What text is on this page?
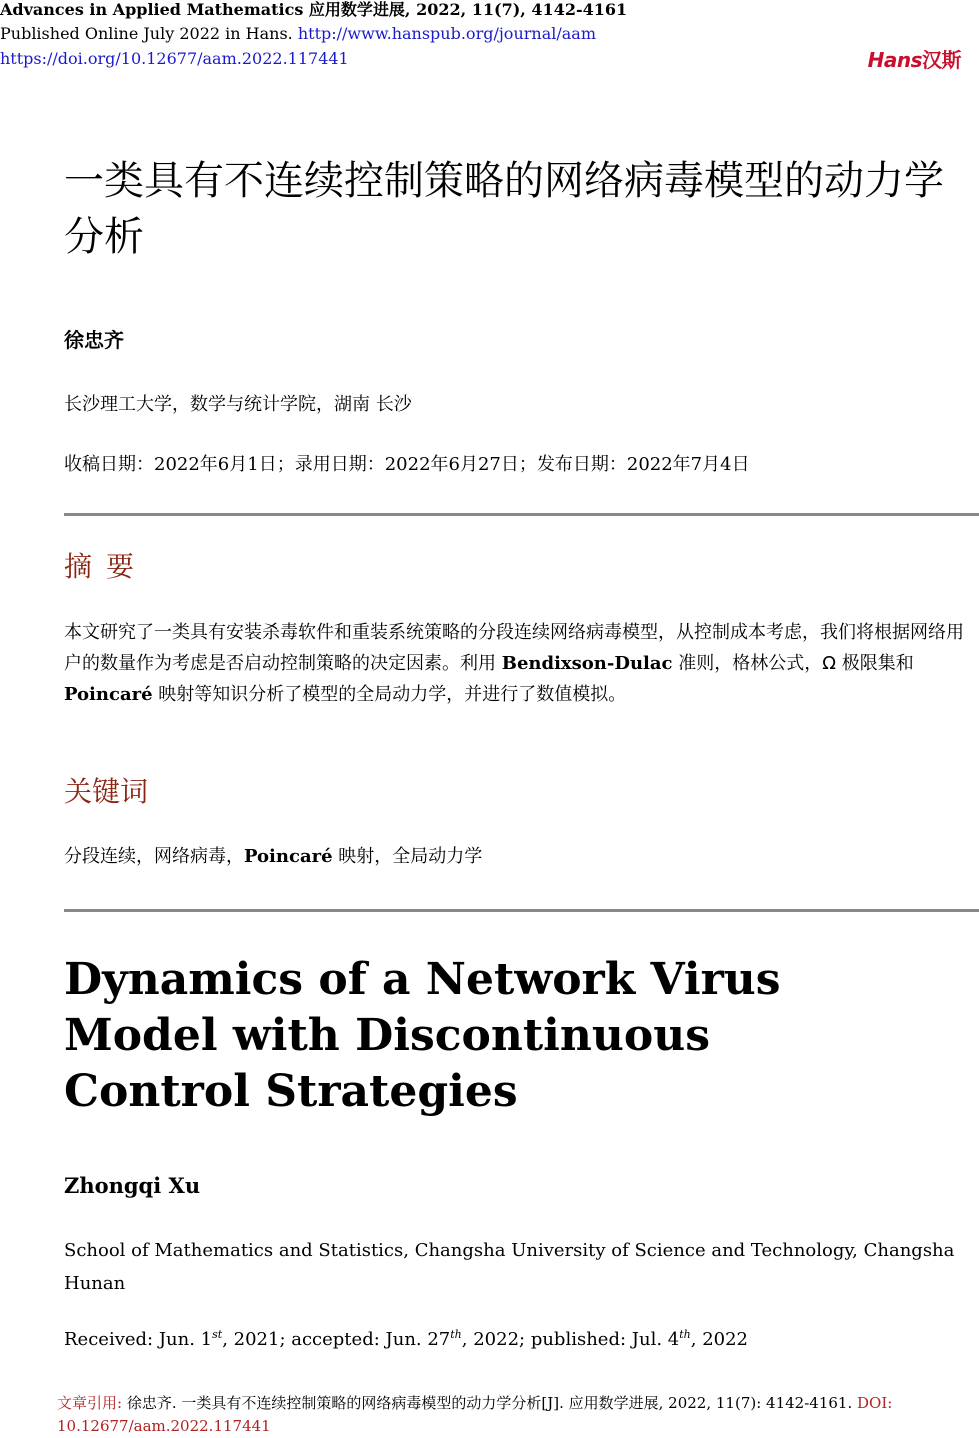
Advances in Applied Mathematics 应用数学进展, 2022, 11(7), 4142-4161
Published Online July 2022 in Hans. http://www.hanspub.org/journal/aam
https://doi.org/10.12677/aam.2022.117441	Hans汉斯
一类具有不连续控制策略的网络病毒模型的动力学分析
徐忠齐
长沙理工大学，数学与统计学院，湖南 长沙
收稿日期：2022年6月1日；录用日期：2022年6月27日；发布日期：2022年7月4日
摘要

本文研究了一类具有安装杀毒软件和重装系统策略的分段连续网络病毒模型，从控制成本考虑，我们将根据网络用户的数量作为考虑是否启动控制策略的决定因素。利用 Bendixson-Dulac 准则，格林公式，Ω 极限集和 Poincaré 映射等知识分析了模型的全局动力学，并进行了数值模拟。

关键词
分段连续，网络病毒，Poincaré 映射，全局动力学
Dynamics of a Network Virus Model with Discontinuous Control Strategies
Zhongqi Xu
School of Mathematics and Statistics, Changsha University of Science and Technology, Changsha Hunan
Received: Jun. 1st, 2021; accepted: Jun. 27th, 2022; published: Jul. 4th, 2022
文章引用: 徐忠齐. 一类具有不连续控制策略的网络病毒模型的动力学分析[J]. 应用数学进展, 2022, 11(7): 4142-4161. DOI: 10.12677/aam.2022.117441
